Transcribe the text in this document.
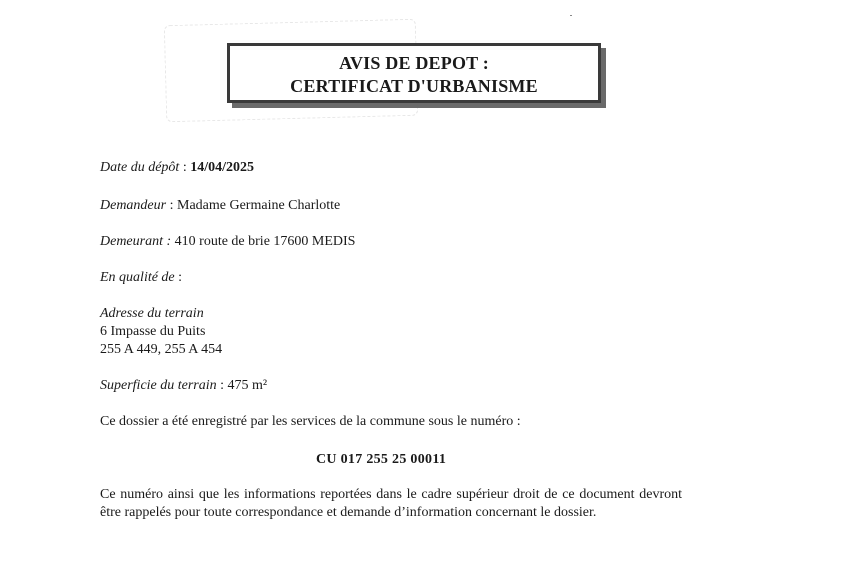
AVIS DE DEPOT :
CERTIFICAT D'URBANISME
Date du dépôt : 14/04/2025
Demandeur : Madame Germaine Charlotte
Demeurant : 410 route de brie 17600 MEDIS
En qualité de :
Adresse du terrain
6 Impasse du Puits
255 A 449, 255 A 454
Superficie du terrain : 475 m²
Ce dossier a été enregistré par les services de la commune sous le numéro :
CU 017 255 25 00011
Ce numéro ainsi que les informations reportées dans le cadre supérieur droit de ce document devront être rappelés pour toute correspondance et demande d’information concernant le dossier.
